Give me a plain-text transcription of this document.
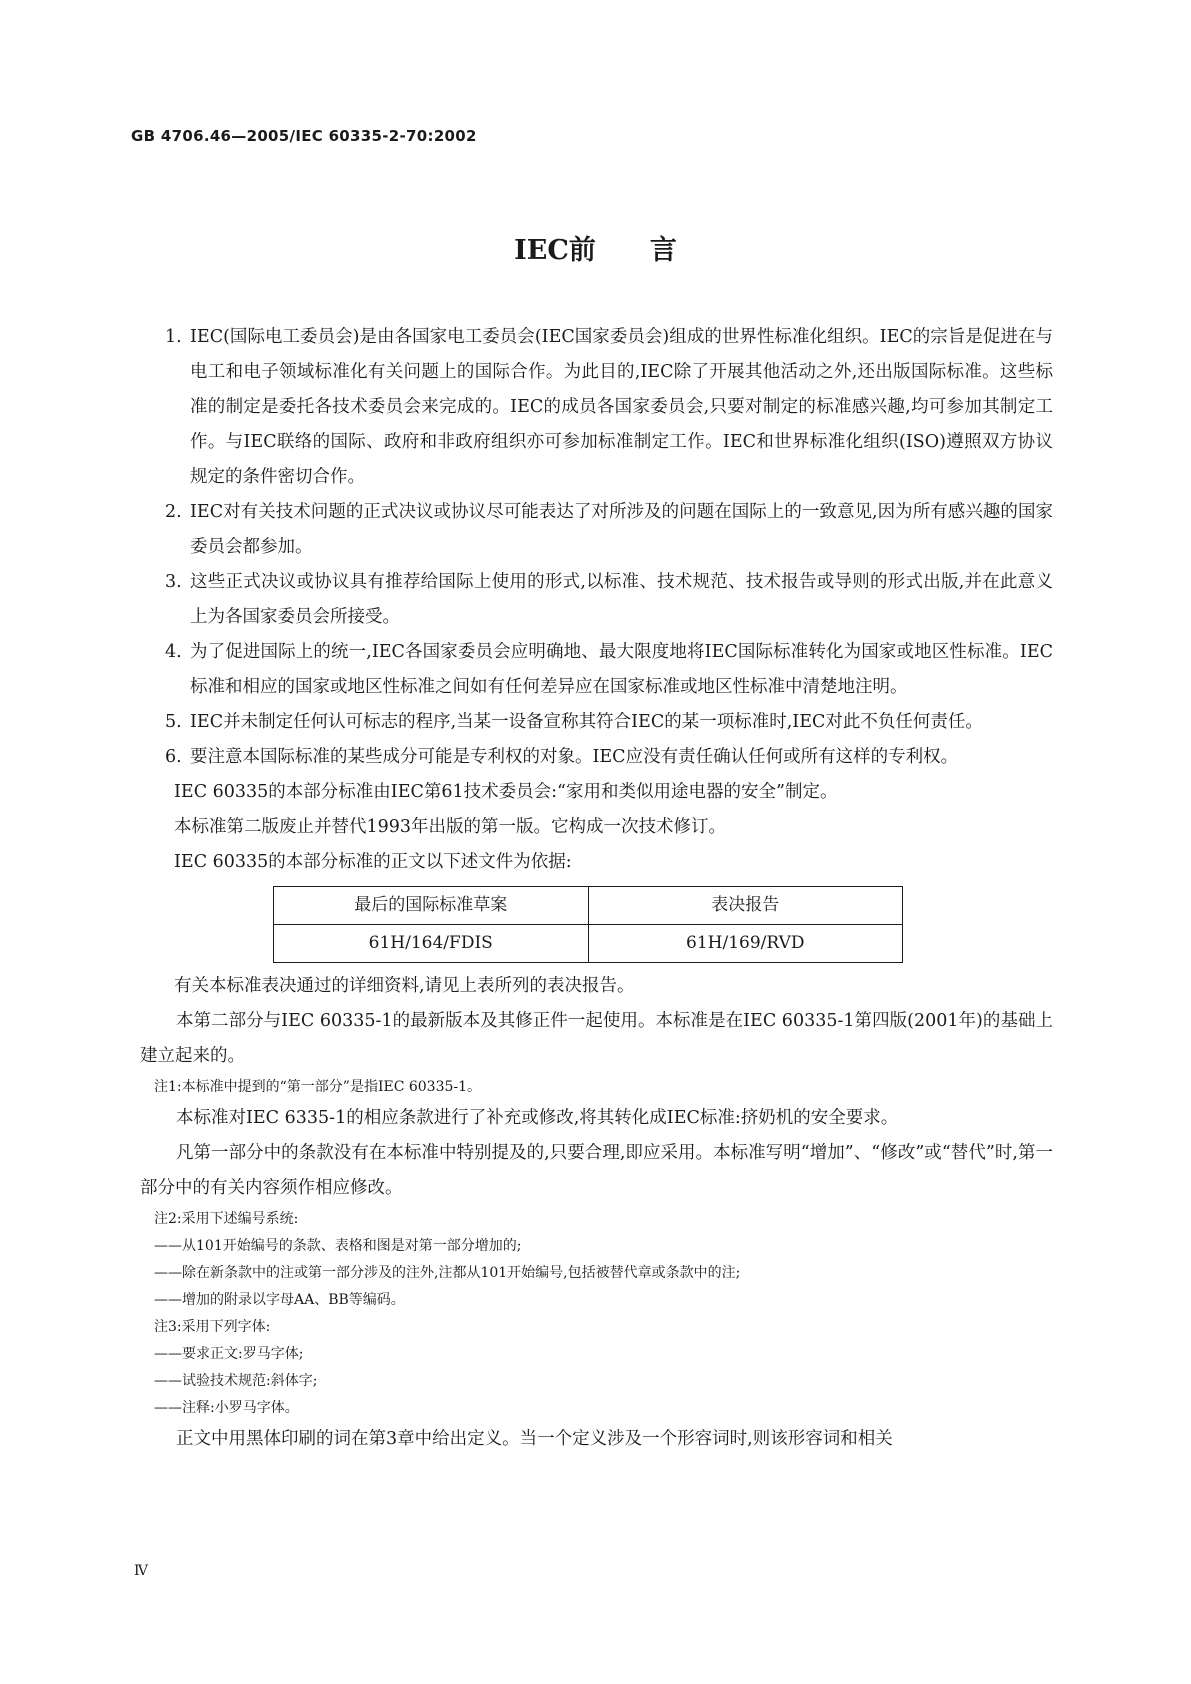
GB 4706.46—2005/IEC 60335-2-70:2002
IEC前　　言
1. IEC(国际电工委员会)是由各国家电工委员会(IEC国家委员会)组成的世界性标准化组织。IEC的宗旨是促进在与电工和电子领域标准化有关问题上的国际合作。为此目的,IEC除了开展其他活动之外,还出版国际标准。这些标准的制定是委托各技术委员会来完成的。IEC的成员各国家委员会,只要对制定的标准感兴趣,均可参加其制定工作。与IEC联络的国际、政府和非政府组织亦可参加标准制定工作。IEC和世界标准化组织(ISO)遵照双方协议规定的条件密切合作。
2. IEC对有关技术问题的正式决议或协议尽可能表达了对所涉及的问题在国际上的一致意见,因为所有感兴趣的国家委员会都参加。
3. 这些正式决议或协议具有推荐给国际上使用的形式,以标准、技术规范、技术报告或导则的形式出版,并在此意义上为各国家委员会所接受。
4. 为了促进国际上的统一,IEC各国家委员会应明确地、最大限度地将IEC国际标准转化为国家或地区性标准。IEC标准和相应的国家或地区性标准之间如有任何差异应在国家标准或地区性标准中清楚地注明。
5. IEC并未制定任何认可标志的程序,当某一设备宣称其符合IEC的某一项标准时,IEC对此不负任何责任。
6. 要注意本国际标准的某些成分可能是专利权的对象。IEC应没有责任确认任何或所有这样的专利权。

IEC 60335的本部分标准由IEC第61技术委员会:“家用和类似用途电器的安全”制定。

本标准第二版废止并替代1993年出版的第一版。它构成一次技术修订。

IEC 60335的本部分标准的正文以下述文件为依据:

最后的国际标准草案	表决报告
61H/164/FDIS	61H/169/RVD

有关本标准表决通过的详细资料,请见上表所列的表决报告。

本第二部分与IEC 60335-1的最新版本及其修正件一起使用。本标准是在IEC 60335-1第四版(2001年)的基础上建立起来的。

注1:本标准中提到的“第一部分”是指IEC 60335-1。

本标准对IEC 6335-1的相应条款进行了补充或修改,将其转化成IEC标准:挤奶机的安全要求。

凡第一部分中的条款没有在本标准中特别提及的,只要合理,即应采用。本标准写明“增加”、“修改”或“替代”时,第一部分中的有关内容须作相应修改。

注2:采用下述编号系统:

——从101开始编号的条款、表格和图是对第一部分增加的;

——除在新条款中的注或第一部分涉及的注外,注都从101开始编号,包括被替代章或条款中的注;

——增加的附录以字母AA、BB等编码。

注3:采用下列字体:

——要求正文:罗马字体;

——试验技术规范:斜体字;

——注释:小罗马字体。

正文中用黑体印刷的词在第3章中给出定义。当一个定义涉及一个形容词时,则该形容词和相关

Ⅳ
